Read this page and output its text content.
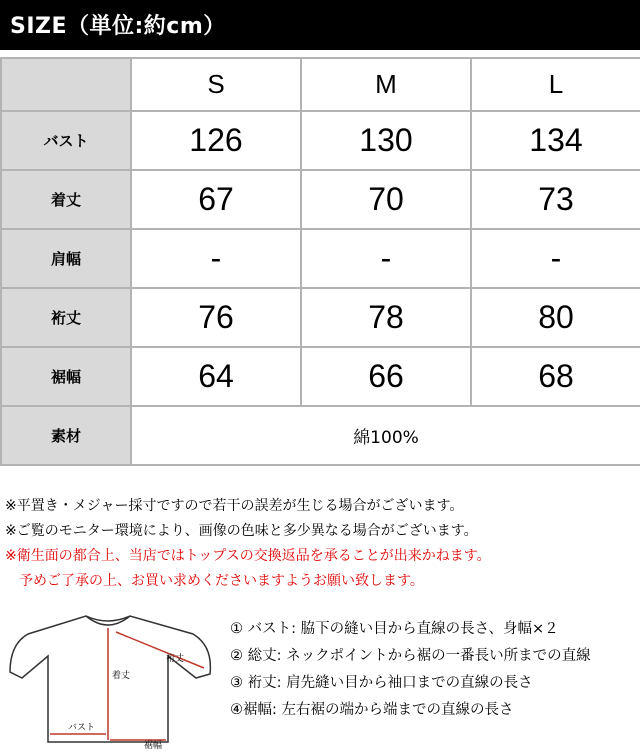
SIZE（単位:約cm）
	S	M	L
バスト	126	130	134
着丈	67	70	73
肩幅	-	-	-
裄丈	76	78	80
裾幅	64	66	68
素材	綿100%		
※平置き・メジャー採寸ですので若干の誤差が生じる場合がございます。
※ご覧のモニター環境により、画像の色味と多少異なる場合がございます。
※衛生面の都合上、当店ではトップスの交換返品を承ることが出来かねます。
予めご了承の上、お買い求めくださいますようお願い致します。
裄丈
着丈
バスト
裾幅
① バスト: 脇下の縫い目から直線の長さ、身幅×２
② 総丈: ネックポイントから裾の一番長い所までの直線
③ 裄丈: 肩先縫い目から袖口までの直線の長さ
④裾幅: 左右裾の端から端までの直線の長さ
